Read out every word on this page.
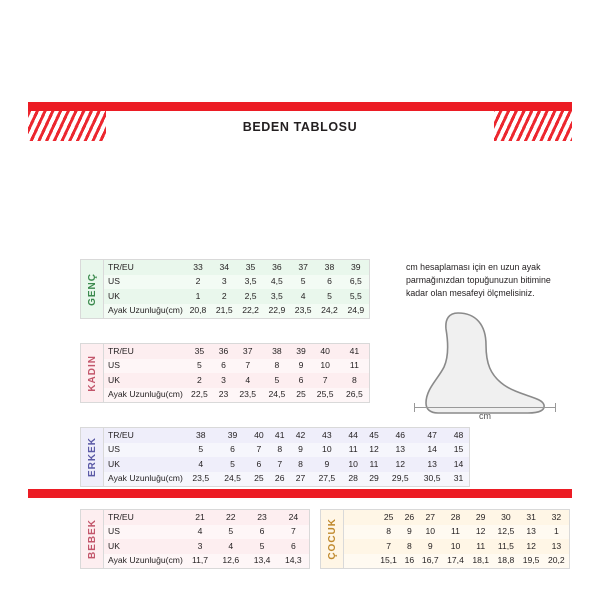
BEDEN TABLOSU
GENÇ
TR/EU	33	34	35	36	37	38	39
US	2	3	3,5	4,5	5	6	6,5
UK	1	2	2,5	3,5	4	5	5,5
Ayak Uzunluğu(cm)	20,8	21,5	22,2	22,9	23,5	24,2	24,9
KADIN
TR/EU	35	36	37	38	39	40	41
US	5	6	7	8	9	10	11
UK	2	3	4	5	6	7	8
Ayak Uzunluğu(cm)	22,5	23	23,5	24,5	25	25,5	26,5
ERKEK
TR/EU	38	39	40	41	42	43	44	45	46	47	48
US	5	6	7	8	9	10	11	12	13	14	15
UK	4	5	6	7	8	9	10	11	12	13	14
Ayak Uzunluğu(cm)	23,5	24,5	25	26	27	27,5	28	29	29,5	30,5	31
BEBEK
TR/EU	21	22	23	24
US	4	5	6	7
UK	3	4	5	6
Ayak Uzunluğu(cm)	11,7	12,6	13,4	14,3
ÇOCUK
	25	26	27	28	29	30	31	32
	8	9	10	11	12	12,5	13	1
	7	8	9	10	11	11,5	12	13
	15,1	16	16,7	17,4	18,1	18,8	19,5	20,2
cm hesaplaması için en uzun ayak parmağınızdan topuğunuzun bitimine kadar olan mesafeyi ölçmelisiniz.
cm
